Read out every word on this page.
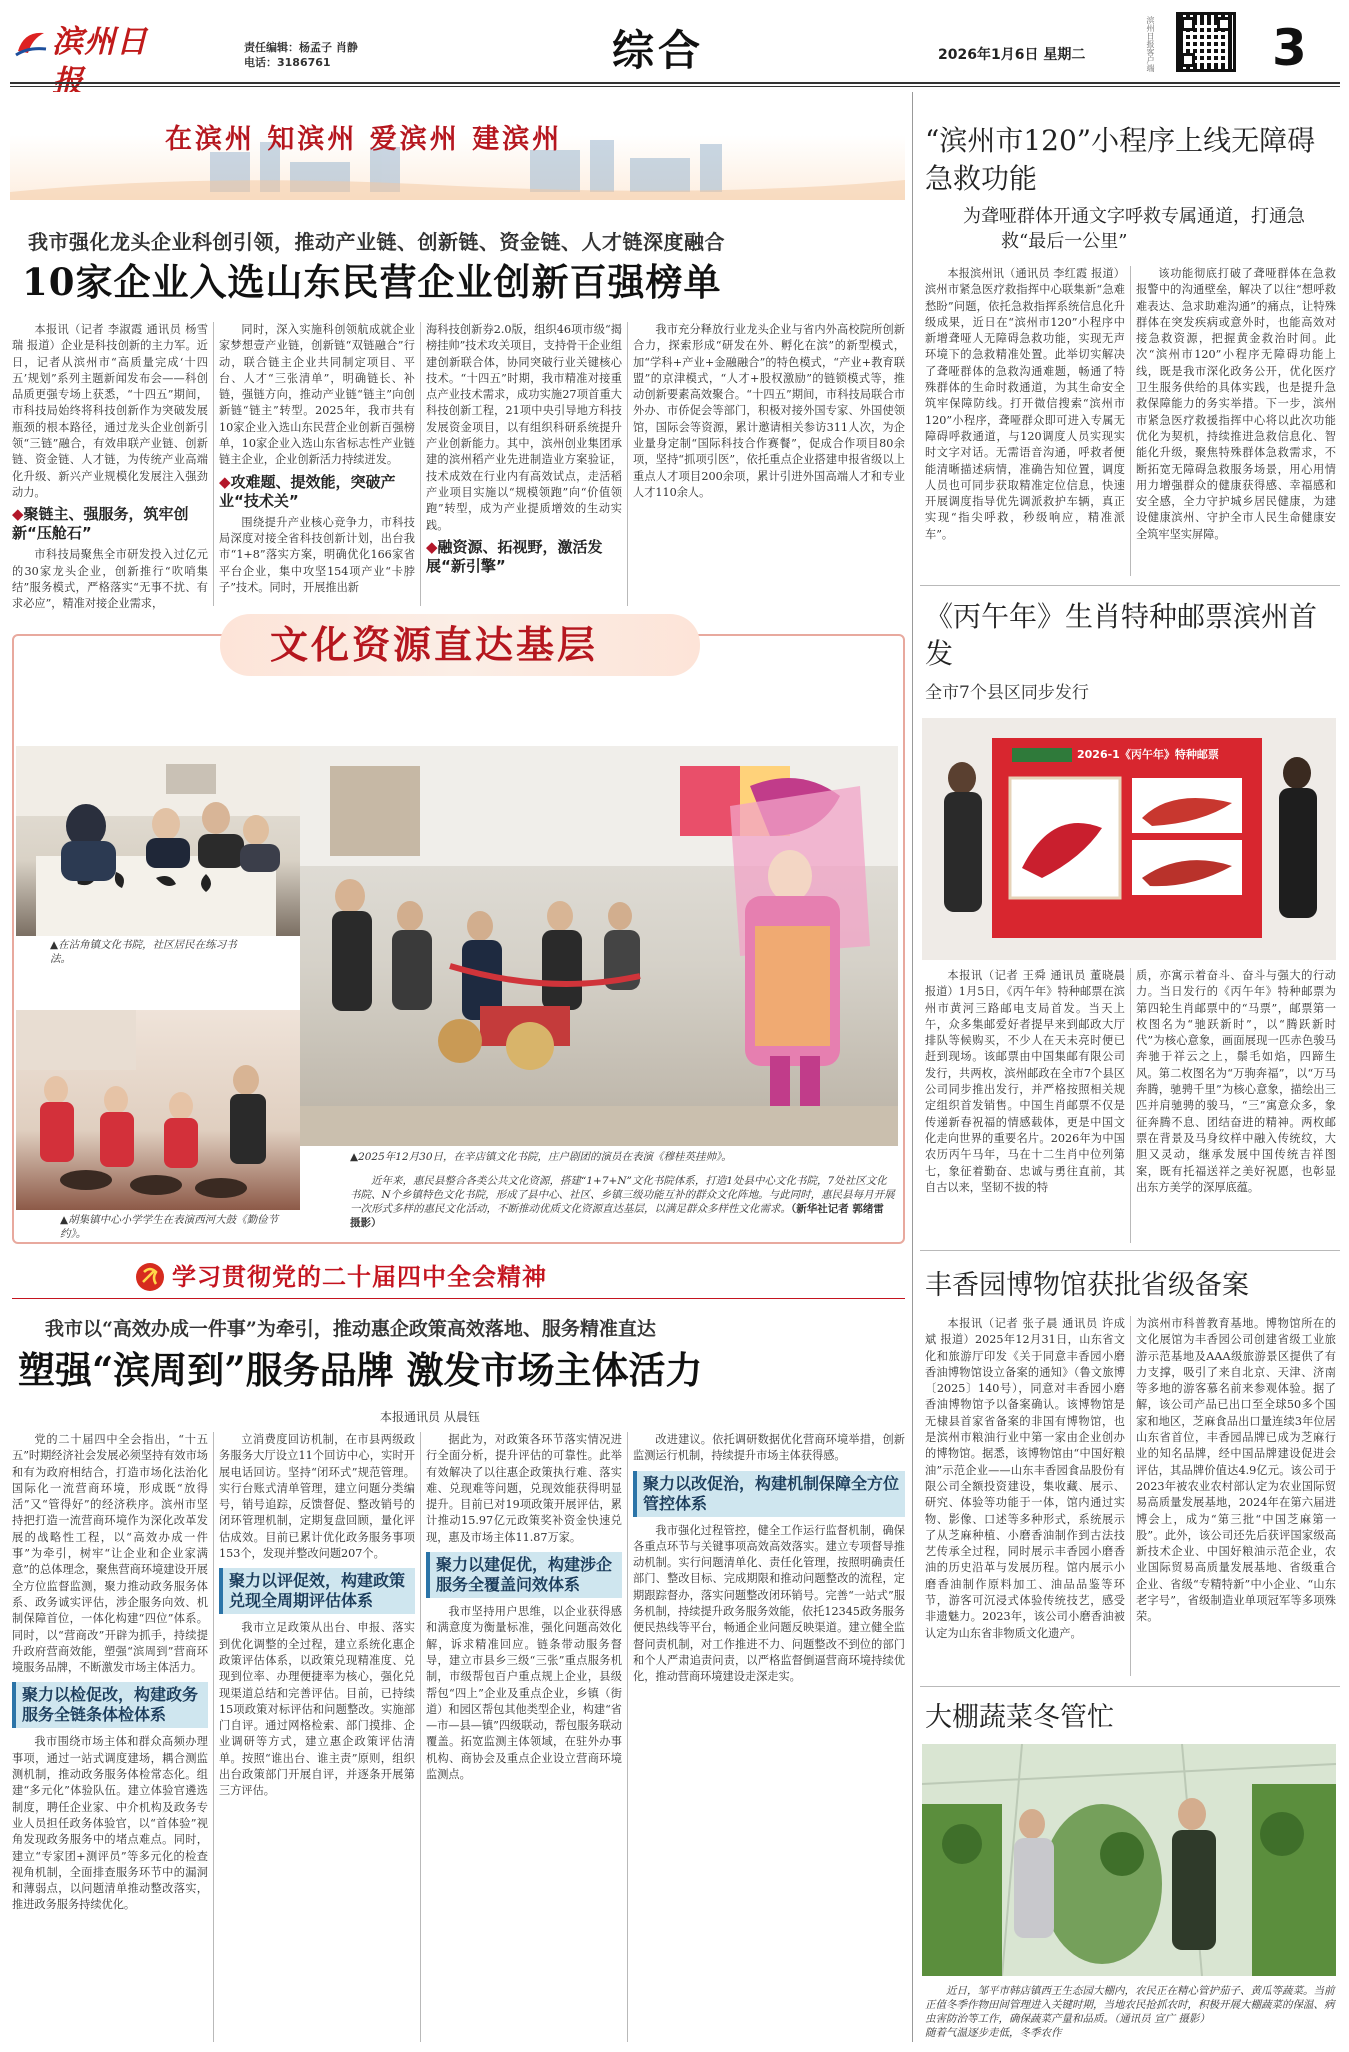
滨州日	责任编辑：杨孟子 肖静
电话：3186761	综合	2026年1月6日 星期二	滨州日报客户端 3
在滨州 知滨州 爱滨州 建滨州
我市强化龙头企业科创引领，推动产业链、创新链、资金链、人才链深度融合
10家企业入选山东民营企业创新百强榜单
本报讯（记者 李淑霞 通讯员 杨雪瑞 报道）企业是科技创新的主力军。近日，记者从滨州市“高质量完成‘十四五’规划”系列主题新闻发布会——科创品质更强专场上获悉，“十四五”期间，市科技局始终将科技创新作为突破发展瓶颈的根本路径，通过龙头企业创新引领“三链”融合，有效串联产业链、创新链、资金链、人才链，为传统产业高端化升级、新兴产业规模化发展注入强劲动力。
◆聚链主、强服务，筑牢创新“压舱石”
市科技局聚焦全市研发投入过亿元的30家龙头企业，创新推行“吹哨集结”服务模式，严格落实“无事不扰、有求必应”，精准对接企业需求，
同时，深入实施科创领航成就企业家梦想壹产业链，创新链“双链融合”行动，联合链主企业共同制定项目、平台、人才“三张清单”，明确链长、补链，强链方向，推动产业链“链主”向创新链“链主”转型。2025年，我市共有10家企业入选山东民营企业创新百强榜单，10家企业入选山东省标志性产业链链主企业，企业创新活力持续迸发。
◆攻难题、提效能，突破产业“技术关”
围绕提升产业核心竞争力，市科技局深度对接全省科技创新计划，出台我市“1+8”落实方案，明确优化166家省平台企业，集中攻坚154项产业“卡脖子”技术。同时，开展推出新
海科技创新券2.0版，组织46项市级“揭榜挂帅”技术攻关项目，支持骨干企业组建创新联合体，协同突破行业关键核心技术。“十四五”时期，我市精准对接重点产业技术需求，成功实施27项首重大科技创新工程，21项中央引导地方科技发展资金项目，以有组织科研系统提升产业创新能力。其中，滨州创业集团承建的滨州稻产业先进制造业方案验证，技术成效在行业内有高效试点，走活稻产业项目实施以“规模领跑”向“价值领跑”转型，成为产业提质增效的生动实践。
◆融资源、拓视野，激活发展“新引擎”
我市充分释放行业龙头企业与省内外高校院所创新合力，探索形成“研发在外、孵化在滨”的新型模式，加“学科+产业+金融融合”的特色模式，“产业+教育联盟”的京津模式，“人才+股权激励”的链锁模式等，推动创新要素高效聚合。“十四五”期间，市科技局联合市外办、市侨促会等部门，积极对接外国专家、外国使领馆，国际会等资源，累计邀请相关参访311人次，为企业量身定制“国际科技合作赛餐”，促成合作项目80余项，坚持“抓项引医”，依托重点企业搭建申报省级以上重点人才项目200余项，累计引进外国高端人才和专业人才110余人。
“滨州市120”小程序上线无障碍急救功能
为聋哑群体开通文字呼救专属通道，打通急救“最后一公里”
本报滨州讯（通讯员 李红霞 报道）滨州市紧急医疗救指挥中心联集新“急难愁盼”问题，依托急救指挥系统信息化升级成果，近日在“滨州市120”小程序中新增聋哑人无障碍急救功能，实现无声环境下的急救精准处置。此举切实解决了聋哑群体的急救沟通难题，畅通了特殊群体的生命时救通道，为其生命安全筑牢保障防线。打开微信搜索“滨州市120”小程序，聋哑群众即可进入专属无障碍呼救通道，与120调度人员实现实时文字对话。无需语音沟通，呼救者便能清晰描述病情，准确告知位置，调度人员也可同步获取精准定位信息，快速开展调度指导优先调派救护车辆，真正实现“指尖呼救，秒级响应，精准派车”。
该功能彻底打破了聋哑群体在急救报警中的沟通壁垒，解决了以往“想呼救难表达、急求助难沟通”的痛点，让特殊群体在突发疾病或意外时，也能高效对接急救资源，把握黄金救治时间。此次“滨州市120”小程序无障碍功能上线，既是我市深化政务公开，优化医疗卫生服务供给的具体实践，也是提升急救保障能力的务实举措。下一步，滨州市紧急医疗救援指挥中心将以此次功能优化为契机，持续推进急救信息化、智能化升级，聚焦特殊群体急救需求，不断拓宽无障碍急救服务场景，用心用情用力增强群众的健康获得感、幸福感和安全感，全力守护城乡居民健康，为建设健康滨州、守护全市人民生命健康安全筑牢坚实屏障。
文化资源直达基层
▲在沾角镇文化书院，社区居民在练习书法。
▲2025年12月30日，在辛店镇文化书院，庄户剧团的演员在表演《穆桂英挂帅》。
▲胡集镇中心小学学生在表演西河大鼓《勤俭节约》。
近年来，惠民县整合各类公共文化资源，搭建“1+7+N”文化书院体系，打造1处县中心文化书院，7处社区文化书院、N个乡镇特色文化书院，形成了县中心、社区、乡镇三级功能互补的群众文化阵地。与此同时，惠民县每月开展一次形式多样的惠民文化活动，不断推动优质文化资源直达基层，以满足群众多样性文化需求。（新华社记者 郭绪雷 摄影）
学习贯彻党的二十届四中全会精神
我市以“高效办成一件事”为牵引，推动惠企政策高效落地、服务精准直达
塑强“滨周到”服务品牌 激发市场主体活力
本报通讯员 从晨钰
党的二十届四中全会指出，“十五五”时期经济社会发展必须坚持有效市场和有为政府相结合，打造市场化法治化国际化一流营商环境，形成既“放得活”又“管得好”的经济秩序。滨州市坚持把打造一流营商环境作为深化改革发展的战略性工程，以“高效办成一件事”为牵引，树牢“让企业和企业家满意”的总体理念，聚焦营商环境建设开展全方位监督监测，聚力推动政务服务体系、政务诚实评估，涉企服务向效、机制保障首位，一体化构建“四位”体系。同时，以“营商改”开辟为抓手，持续提升政府营商效能，塑强“滨周到”营商环境服务品牌，不断激发市场主体活力。
聚力以检促改，构建政务服务全链条体检体系
我市围绕市场主体和群众高频办理事项，通过一站式调度建场，耦合测监测机制，推动政务服务体检常态化。组建“多元化”体验队伍。建立体验官遴选制度，聘任企业家、中介机构及政务专业人员担任政务体验官，以“首体验”视角发现政务服务中的堵点难点。同时，建立“专家团+测评员”等多元化的检查视角机制，全面排查服务环节中的漏洞和薄弱点，以问题清单推动整改落实，推进政务服务持续优化。
立消费度回访机制，在市县两级政务服务大厅设立11个回访中心，实时开展电话回访。坚持“闭环式”规范管理。实行台账式清单管理，建立问题分类编号，销号追踪，反馈督促、整改销号的闭环管理机制，定期复盘回顾，量化评估成效。目前已累计优化政务服务事项153个，发现并整改问题207个。
聚力以评促效，构建政策兑现全周期评估体系
我市立足政策从出台、申报、落实到优化调整的全过程，建立系统化惠企政策评估体系，以政策兑现精准度、兑现到位率、办理便捷率为核心，强化兑现渠道总结和完善评估。目前，已持续15项政策对标评估和问题整改。实施部门自评。通过网格检索、部门摸排、企业调研等方式，建立惠企政策评估清单。按照“谁出台、谁主责”原则，组织出台政策部门开展自评，并逐条开展第三方评估。
据此为，对政策各环节落实情况进行全面分析，提升评估的可靠性。此举有效解决了以往惠企政策执行难、落实难、兑现难等问题，兑现效能获得明显提升。目前已对19项政策开展评估，累计推动15.97亿元政策奖补资金快速兑现，惠及市场主体11.87万家。
聚力以建促优，构建涉企服务全覆盖问效体系
我市坚持用户思维，以企业获得感和满意度为衡量标准，强化问题高效化解，诉求精准回应。链条带动服务督导，建立市县乡三级“三张”重点服务机制，市级帮包百户重点规上企业，县级帮包“四上”企业及重点企业，乡镇（街道）和园区帮包其他类型企业，构建“省—市—县—镇”四级联动，帮包服务联动覆盖。拓宽监测主体领域，在驻外办事机构、商协会及重点企业设立营商环境监测点。
改进建议。依托调研数据优化营商环境举措，创新监测运行机制，持续提升市场主体获得感。
聚力以改促治，构建机制保障全方位管控体系
我市强化过程管控，健全工作运行监督机制，确保各重点环节与关键事项高效高效落实。建立专项督导推动机制。实行问题清单化、责任化管理，按照明确责任部门、整改目标、完成期限和推动问题整改的流程，定期跟踪督办，落实问题整改闭环销号。完善“一站式”服务机制，持续提升政务服务效能，依托12345政务服务便民热线等平台，畅通企业问题反映渠道。建立健全监督问责机制，对工作推进不力、问题整改不到位的部门和个人严肃追责问责，以严格监督倒逼营商环境持续优化，推动营商环境建设走深走实。
《丙午年》生肖特种邮票滨州首发
全市7个县区同步发行
2026-1《丙午年》特种邮票
本报讯（记者 王舜 通讯员 董晓晨 报道）1月5日，《丙午年》特种邮票在滨州市黄河三路邮电支局首发。当天上午，众多集邮爱好者提早来到邮政大厅排队等候购买，不少人在天未亮时便已赶到现场。该邮票由中国集邮有限公司发行，共两枚，滨州邮政在全市7个县区公司同步推出发行，并严格按照相关规定组织首发销售。中国生肖邮票不仅是传递新春祝福的情感载体，更是中国文化走向世界的重要名片。2026年为中国农历丙午马年，马在十二生肖中位列第七，象征着勤奋、忠诚与勇往直前，其自古以来，坚韧不拔的特
质，亦寓示着奋斗、奋斗与强大的行动力。当日发行的《丙午年》特种邮票为第四轮生肖邮票中的“马票”，邮票第一枚图名为“驰跃新时”，以“腾跃新时代”为核心意象，画面展现一匹赤色骏马奔驰于祥云之上，鬃毛如焰，四蹄生风。第二枚图名为“万驹奔福”，以“万马奔腾，驰骋千里”为核心意象，描绘出三匹并肩驰骋的骏马，“三”寓意众多，象征奔腾不息、团结奋进的精神。两枚邮票在背景及马身纹样中融入传统纹，大胆又灵动，继承发展中国传统吉祥图案，既有托福送祥之美好祝愿，也彰显出东方美学的深厚底蕴。
丰香园博物馆获批省级备案
本报讯（记者 张子晨 通讯员 许成斌 报道）2025年12月31日，山东省文化和旅游厅印发《关于同意丰香园小磨香油博物馆设立备案的通知》（鲁文旅博〔2025〕140号），同意对丰香园小磨香油博物馆予以备案确认。该博物馆是无棣县首家省备案的非国有博物馆，也是滨州市粮油行业中第一家由企业创办的博物馆。据悉，该博物馆由“中国好粮油”示范企业——山东丰香园食品股份有限公司全额投资建设，集收藏、展示、研究、体验等功能于一体，馆内通过实物、影像、口述等多种形式，系统展示了从芝麻种植、小磨香油制作到古法技艺传承全过程，同时展示丰香园小磨香油的历史沿革与发展历程。馆内展示小磨香油制作原料加工、油品品鉴等环节，游客可沉浸式体验传统技艺，感受非遗魅力。2023年，该公司小磨香油被认定为山东省非物质文化遗产。
为滨州市科普教育基地。博物馆所在的文化展馆为丰香园公司创建省级工业旅游示范基地及AAA级旅游景区提供了有力支撑，吸引了来自北京、天津、济南等多地的游客慕名前来参观体验。据了解，该公司产品已出口至全球50多个国家和地区，芝麻食品出口量连续3年位居山东省首位，丰香园品牌已成为芝麻行业的知名品牌，经中国品牌建设促进会评估，其品牌价值达4.9亿元。该公司于2023年被农业农村部认定为农业国际贸易高质量发展基地，2024年在第六届进博会上，成为“第三批“中国芝麻第一股”。此外，该公司还先后获评国家级高新技术企业、中国好粮油示范企业，农业国际贸易高质量发展基地、省级重合企业、省级“专精特新”中小企业、“山东老字号”，省级制造业单项冠军等多项殊荣。
大棚蔬菜冬管忙
近日，邹平市韩店镇西王生态园大棚内，农民正在精心管护茄子、黄瓜等蔬菜。当前正值冬季作物田间管理进入关键时期，当地农民抢抓农时，积极开展大棚蔬菜的保温、病虫害防治等工作，确保蔬菜产量和品质。（通讯员 宣广 摄影）
随着气温逐步走低，冬季农作
